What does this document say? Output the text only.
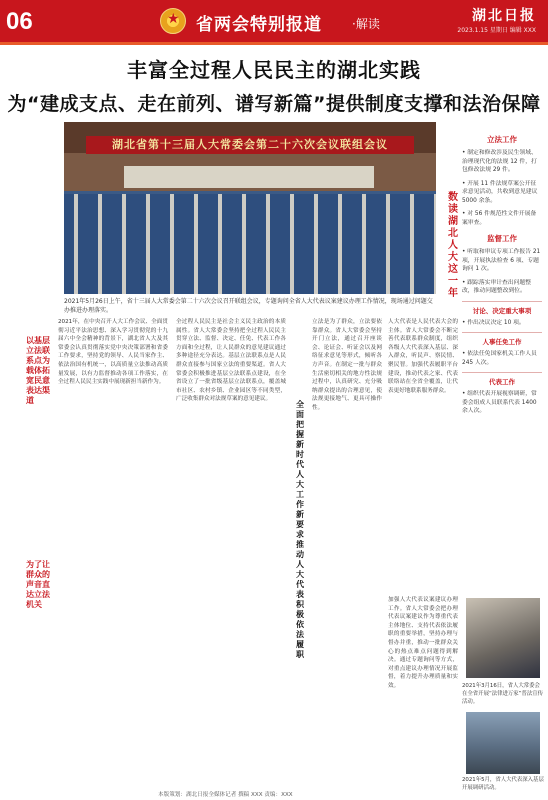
06
★	省两会特别报道	·解读	湖北日报
2023.1.15 星期日 编辑 XXX
丰富全过程人民民主的湖北实践
为“建成支点、走在前列、谱写新篇”提供制度支撑和法治保障
湖北省第十三届人大常委会第二十六次会议联组会议
2021年5月26日上午，省十三届人大常委会第二十六次会议召开联组会议，专题询问全省人大代表议案建议办理工作情况，现场通过问题交办推进办理落实。
数读湖北人大这一年
立法工作
• 制定和修改涉及民生领域、治理现代化的法规 12 件，打包修改法规 29 件。
• 开展 11 件法规草案公开征求意见活动，共收到意见建议 5000 余条。
• 对 56 件规范性文件开展备案审查。
监督工作
• 听取和审议专项工作报告 21 项，开展执法检查 6 项、专题询问 1 次。
• 跟踪落实审计查出问题整改，推动问题整改到位。
讨论、决定重大事项
• 作出决议决定 10 项。
人事任免工作
• 依法任免国家机关工作人员 245 人次。
代表工作
• 组织代表开展视察调研，常委会组成人员联系代表 1400 余人次。
以基层立法联系点为载体拓宽民意表达渠道
为了让群众的声音直达立法机关
全面把握新时代人大工作新要求
推动人大代表积极依法履职
2021年，在中央召开人大工作会议、全面贯彻习近平法治思想、深入学习贯彻党的十九届六中全会精神的背景下，湖北省人大及其常委会认真贯彻落实党中央决策部署和省委工作要求，坚持党的领导、人民当家作主、依法治国有机统一，以高质量立法推动高质量发展，以有力监督推动各项工作落实，在全过程人民民主实践中展现新担当新作为。
全过程人民民主是社会主义民主政治的本质属性。省人大常委会坚持把全过程人民民主贯穿立法、监督、决定、任免、代表工作各方面和全过程，让人民群众的意见建议通过多种途径充分表达。基层立法联系点是人民群众直接参与国家立法的重要渠道。省人大常委会积极推进基层立法联系点建设，在全省设立了一批省级基层立法联系点，覆盖城市社区、农村乡镇、企业园区等不同类型，广泛收集群众对法规草案的意见建议。
立法是为了群众，立法要依靠群众。省人大常委会坚持开门立法，通过召开座谈会、论证会、听证会以及网络征求意见等形式，倾听各方声音。在制定一批与群众生活密切相关的地方性法规过程中，认真研究、充分吸纳群众提出的合理意见，使法规更接地气、更具可操作性。
人大代表是人民代表大会的主体。省人大常委会不断完善代表联系群众制度，组织各级人大代表深入基层、深入群众，听民声、察民情、聚民智。加强代表履职平台建设，推动代表之家、代表联络站在全省全覆盖，让代表更好地联系服务群众。
加强人大代表议案建议办理工作。省人大常委会把办理代表议案建议作为尊重代表主体地位、支持代表依法履职的重要举措，坚持办理与督办并重，推动一批群众关心的热点难点问题得到解决。通过专题询问等方式，对重点建议办理情况开展监督，着力提升办理质量和实效。	2021年3月16日，省人大常委会在全省开展“法律进万家”普法宣传活动。
2021年5月，省人大代表深入基层开展调研活动。
本版策划：湖北日报全媒体记者 撰稿 XXX 责编：XXX
